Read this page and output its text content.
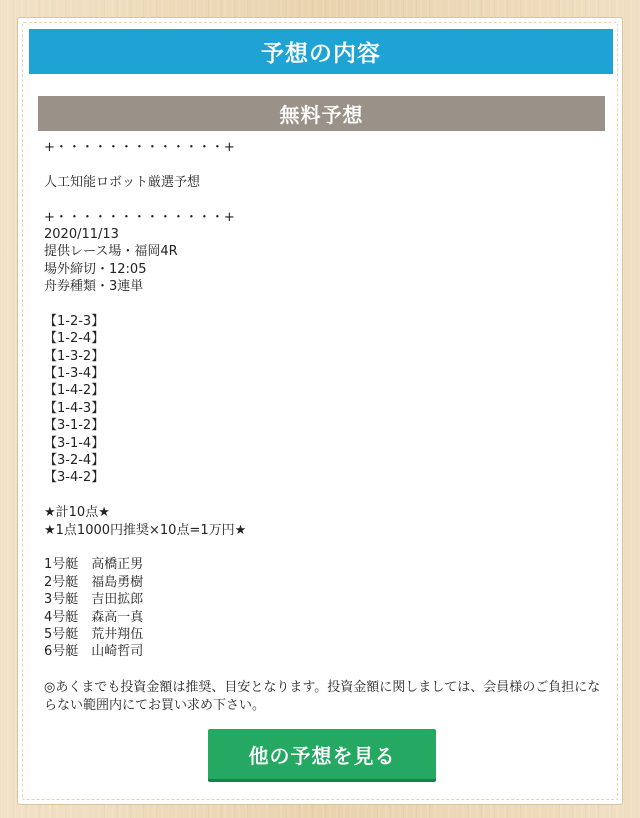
予想の内容
無料予想
+・・・・・・・・・・・・・+
人工知能ロボット厳選予想
+・・・・・・・・・・・・・+
2020/11/13
提供レース場・福岡4R
場外締切・12:05
舟券種類・3連単
【1-2-3】
【1-2-4】
【1-3-2】
【1-3-4】
【1-4-2】
【1-4-3】
【3-1-2】
【3-1-4】
【3-2-4】
【3-4-2】
★計10点★
★1点1000円推奨×10点=1万円★
1号艇　高橋正男
2号艇　福島勇樹
3号艇　吉田拡郎
4号艇　森高一真
5号艇　荒井翔伍
6号艇　山崎哲司
◎あくまでも投資金額は推奨、目安となります。投資金額に関しましては、会員様のご負担にならない範囲内にてお買い求め下さい。
他の予想を見る
